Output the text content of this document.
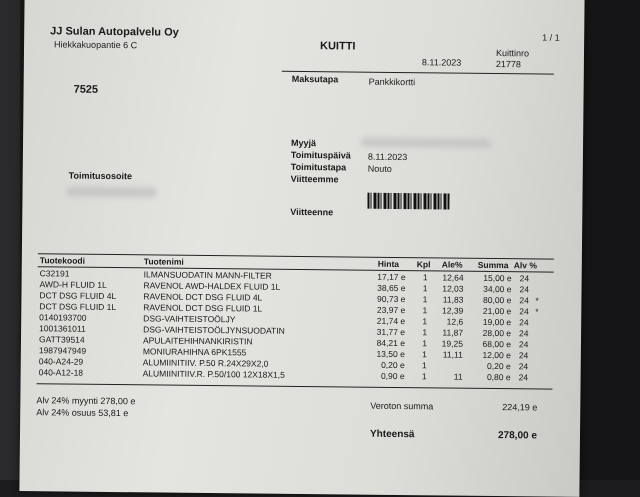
JJ Sulan Autopalvelu Oy
Hiekkakuopantie 6 C
1 / 1
KUITTI
8.11.2023
Kuittinro
21778
Maksutapa	Pankkikortti
7525
Myyjä
Toimituspäivä 8.11.2023
Toimitustapa Nouto
Viitteemme
Toimitusosoite
Viitteenne
Tuotekoodi	Tuotenimi	Hinta Kpl Ale% Summa Alv %
C32191	ILMANSUODATIN MANN-FILTER	17,17 e	1	12,64	15,00 e 24
AWD-H FLUID 1L	RAVENOL AWD-HALDEX FLUID 1L	38,65 e	1	12,03	34,00 e 24
DCT DSG FLUID 4L	RAVENOL DCT DSG FLUID 4L	90,73 e	1	11,83	80,00 e 24 *
DCT DSG FLUID 1L	RAVENOL DCT DSG FLUID 1L	23,97 e	1	12,39	21,00 e 24 *
0140193700	DSG-VAIHTEISTOÖLJY	21,74 e	1	12,6	19,00 e 24
1001361011	DSG-VAIHTEISTOÖLJYNSUODATIN	31,77 e	1	11,87	28,00 e 24
GATT39514	APULAITEHIHNANKIRISTIN	84,21 e	1	19,25	68,00 e 24
1987947949	MONIURAHIHNA 6PK1555	13,50 e	1	11,11	12,00 e 24
040-A24-29	ALUMIINITIIV. P.50 R.24X29X2,0	0,20 e	1	0,20 e 24
040-A12-18	ALUMIINITIIV.R. P.50/100 12X18X1,5	0,90 e	1	11	0,80 e 24
Alv 24% myynti 278,00 e
Alv 24% osuus 53,81 e
Veroton summa	224,19 e
Yhteensä	278,00 e
